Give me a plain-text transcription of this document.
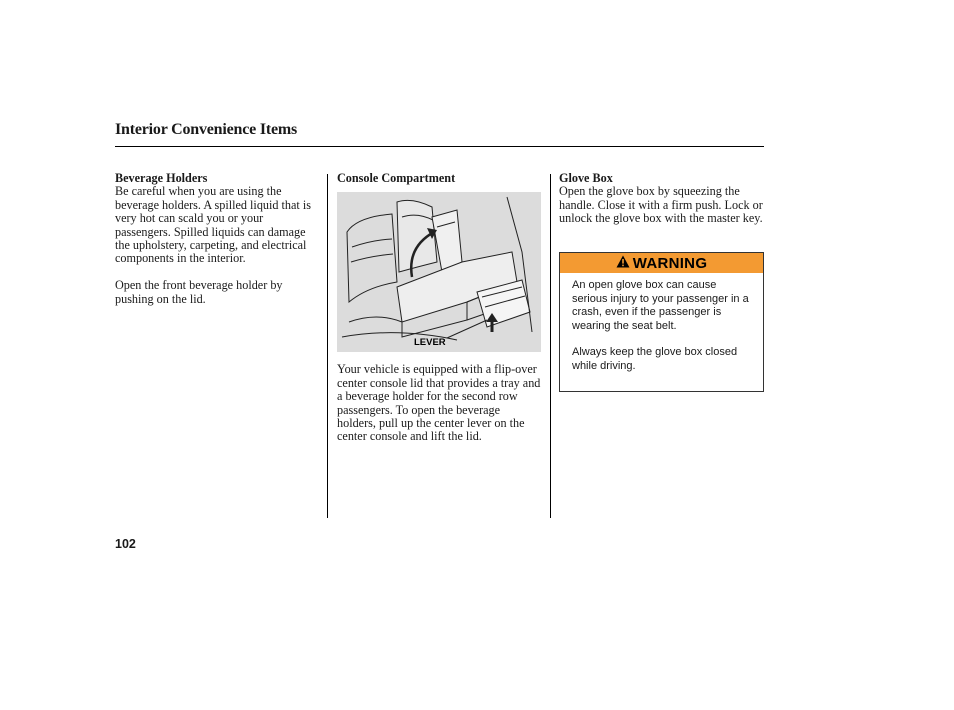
Interior Convenience Items
Beverage Holders

Be careful when you are using the beverage holders. A spilled liquid that is very hot can scald you or your passengers. Spilled liquids can damage the upholstery, carpeting, and electrical components in the interior.

Open the front beverage holder by pushing on the lid.

Console Compartment
LEVER

Your vehicle is equipped with a flip-over center console lid that provides a tray and a beverage holder for the second row passengers. To open the beverage holders, pull up the center lever on the center console and lift the lid.

Glove Box

Open the glove box by squeezing the handle. Close it with a firm push. Lock or unlock the glove box with the master key.

WARNING

An open glove box can cause serious injury to your passenger in a crash, even if the passenger is wearing the seat belt.

Always keep the glove box closed while driving.

102
